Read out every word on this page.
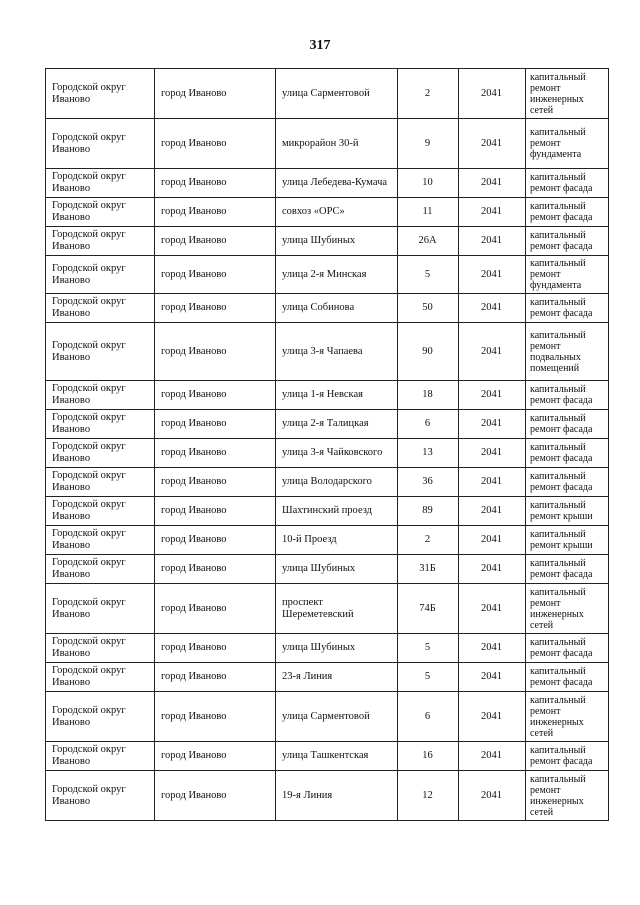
317
Городской округ Иваново	город Иваново	улица Сарментовой	2	2041	капитальный ремонт инженерных сетей
Городской округ Иваново	город Иваново	микрорайон 30-й	9	2041	капитальный ремонт фундамента
Городской округ Иваново	город Иваново	улица Лебедева-Кумача	10	2041	капитальный ремонт фасада
Городской округ Иваново	город Иваново	совхоз «ОРС»	11	2041	капитальный ремонт фасада
Городской округ Иваново	город Иваново	улица Шубиных	26А	2041	капитальный ремонт фасада
Городской округ Иваново	город Иваново	улица 2-я Минская	5	2041	капитальный ремонт фундамента
Городской округ Иваново	город Иваново	улица Собинова	50	2041	капитальный ремонт фасада
Городской округ Иваново	город Иваново	улица 3-я Чапаева	90	2041	капитальный ремонт подвальных помещений
Городской округ Иваново	город Иваново	улица 1-я Невская	18	2041	капитальный ремонт фасада
Городской округ Иваново	город Иваново	улица 2-я Талицкая	6	2041	капитальный ремонт фасада
Городской округ Иваново	город Иваново	улица 3-я Чайковского	13	2041	капитальный ремонт фасада
Городской округ Иваново	город Иваново	улица Володарского	36	2041	капитальный ремонт фасада
Городской округ Иваново	город Иваново	Шахтинский проезд	89	2041	капитальный ремонт крыши
Городской округ Иваново	город Иваново	10-й Проезд	2	2041	капитальный ремонт крыши
Городской округ Иваново	город Иваново	улица Шубиных	31Б	2041	капитальный ремонт фасада
Городской округ Иваново	город Иваново	проспект Шереметевский	74Б	2041	капитальный ремонт инженерных сетей
Городской округ Иваново	город Иваново	улица Шубиных	5	2041	капитальный ремонт фасада
Городской округ Иваново	город Иваново	23-я Линия	5	2041	капитальный ремонт фасада
Городской округ Иваново	город Иваново	улица Сарментовой	6	2041	капитальный ремонт инженерных сетей
Городской округ Иваново	город Иваново	улица Ташкентская	16	2041	капитальный ремонт фасада
Городской округ Иваново	город Иваново	19-я Линия	12	2041	капитальный ремонт инженерных сетей
